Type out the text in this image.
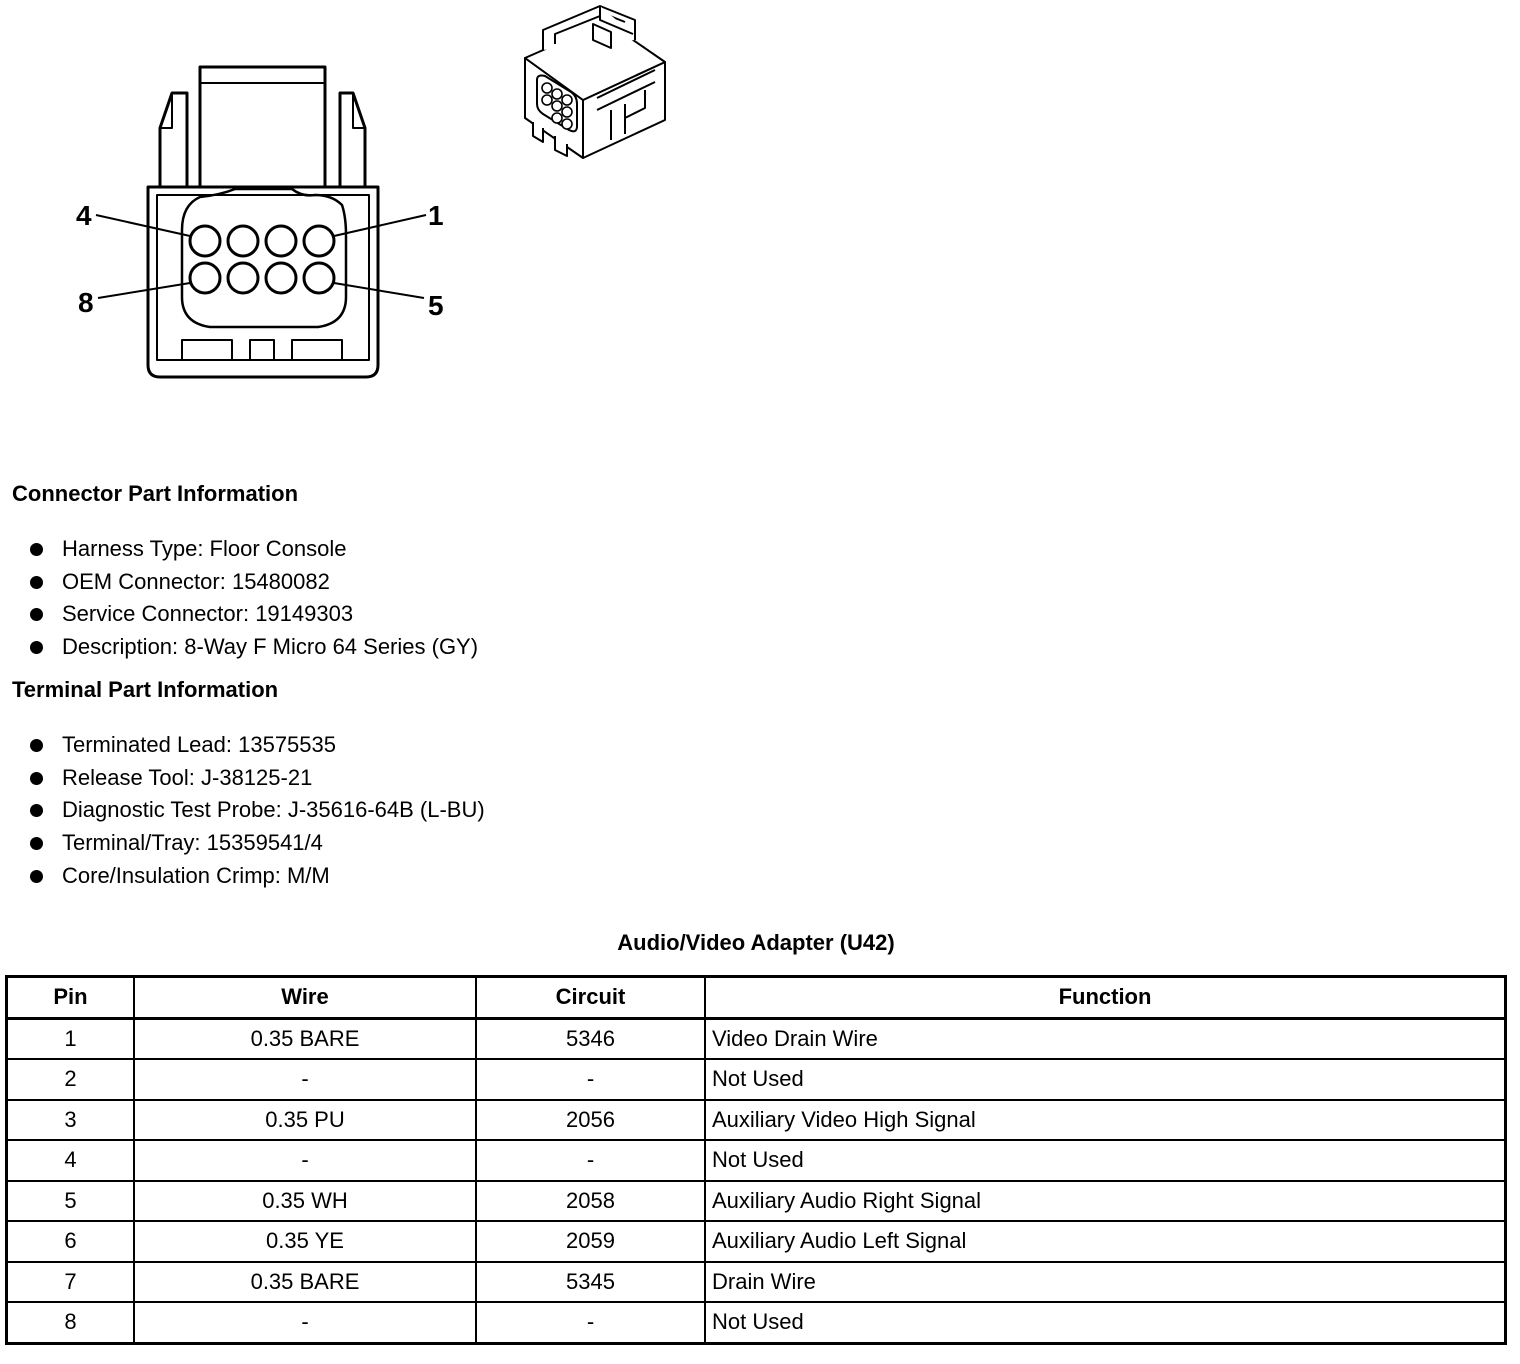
4	1
8	5
Connector Part Information
Harness Type: Floor Console
OEM Connector: 15480082
Service Connector: 19149303
Description: 8-Way F Micro 64 Series (GY)
Terminal Part Information
Terminated Lead: 13575535
Release Tool: J-38125-21
Diagnostic Test Probe: J-35616-64B (L-BU)
Terminal/Tray: 15359541/4
Core/Insulation Crimp: M/M
Audio/Video Adapter (U42)
Pin	Wire	Circuit	Function
1	0.35 BARE	5346	Video Drain Wire
2	-	-	Not Used
3	0.35 PU	2056	Auxiliary Video High Signal
4	-	-	Not Used
5	0.35 WH	2058	Auxiliary Audio Right Signal
6	0.35 YE	2059	Auxiliary Audio Left Signal
7	0.35 BARE	5345	Drain Wire
8	-	-	Not Used
